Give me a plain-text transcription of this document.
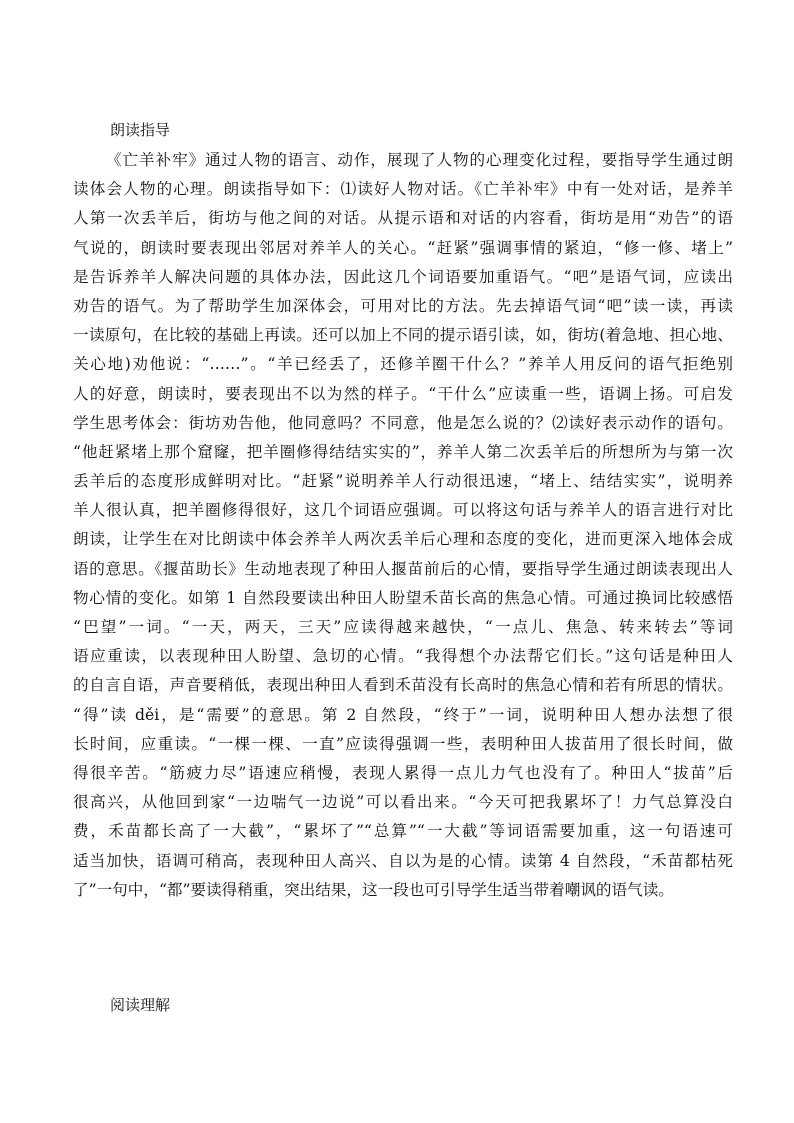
朗读指导
《亡羊补牢》通过人物的语言、动作，展现了人物的心理变化过程，要指导学生通过朗
读体会人物的心理。朗读指导如下：⑴读好人物对话。《亡羊补牢》中有一处对话，是养羊
人第一次丢羊后，街坊与他之间的对话。从提示语和对话的内容看，街坊是用“劝告”的语
气说的，朗读时要表现出邻居对养羊人的关心。“赶紧”强调事情的紧迫，“修一修、堵上”
是告诉养羊人解决问题的具体办法，因此这几个词语要加重语气。“吧”是语气词，应读出
劝告的语气。为了帮助学生加深体会，可用对比的方法。先去掉语气词“吧”读一读，再读
一读原句，在比较的基础上再读。还可以加上不同的提示语引读，如，街坊(着急地、担心地、
关心地)劝他说：“……”。“羊已经丢了，还修羊圈干什么？”养羊人用反问的语气拒绝别
人的好意，朗读时，要表现出不以为然的样子。“干什么”应读重一些，语调上扬。可启发
学生思考体会：街坊劝告他，他同意吗？不同意，他是怎么说的？⑵读好表示动作的语句。
“他赶紧堵上那个窟窿，把羊圈修得结结实实的”，养羊人第二次丢羊后的所想所为与第一次
丢羊后的态度形成鲜明对比。“赶紧”说明养羊人行动很迅速，“堵上、结结实实”，说明养
羊人很认真，把羊圈修得很好，这几个词语应强调。可以将这句话与养羊人的语言进行对比
朗读，让学生在对比朗读中体会养羊人两次丢羊后心理和态度的变化，进而更深入地体会成
语的意思。《揠苗助长》生动地表现了种田人揠苗前后的心情，要指导学生通过朗读表现出人
物心情的变化。如第 1 自然段要读出种田人盼望禾苗长高的焦急心情。可通过换词比较感悟
“巴望”一词。“一天，两天，三天”应读得越来越快，“一点儿、焦急、转来转去”等词
语应重读，以表现种田人盼望、急切的心情。“我得想个办法帮它们长。”这句话是种田人
的自言自语，声音要稍低，表现出种田人看到禾苗没有长高时的焦急心情和若有所思的情状。
“得”读 děi，是“需要”的意思。第 2 自然段，“终于”一词，说明种田人想办法想了很
长时间，应重读。“一棵一棵、一直”应读得强调一些，表明种田人拔苗用了很长时间，做
得很辛苦。“筋疲力尽”语速应稍慢，表现人累得一点儿力气也没有了。种田人“拔苗”后
很高兴，从他回到家“一边喘气一边说”可以看出来。“今天可把我累坏了！力气总算没白
费，禾苗都长高了一大截”，“累坏了”“总算”“一大截”等词语需要加重，这一句语速可
适当加快，语调可稍高，表现种田人高兴、自以为是的心情。读第 4 自然段，“禾苗都枯死
了”一句中，“都”要读得稍重，突出结果，这一段也可引导学生适当带着嘲讽的语气读。
阅读理解
